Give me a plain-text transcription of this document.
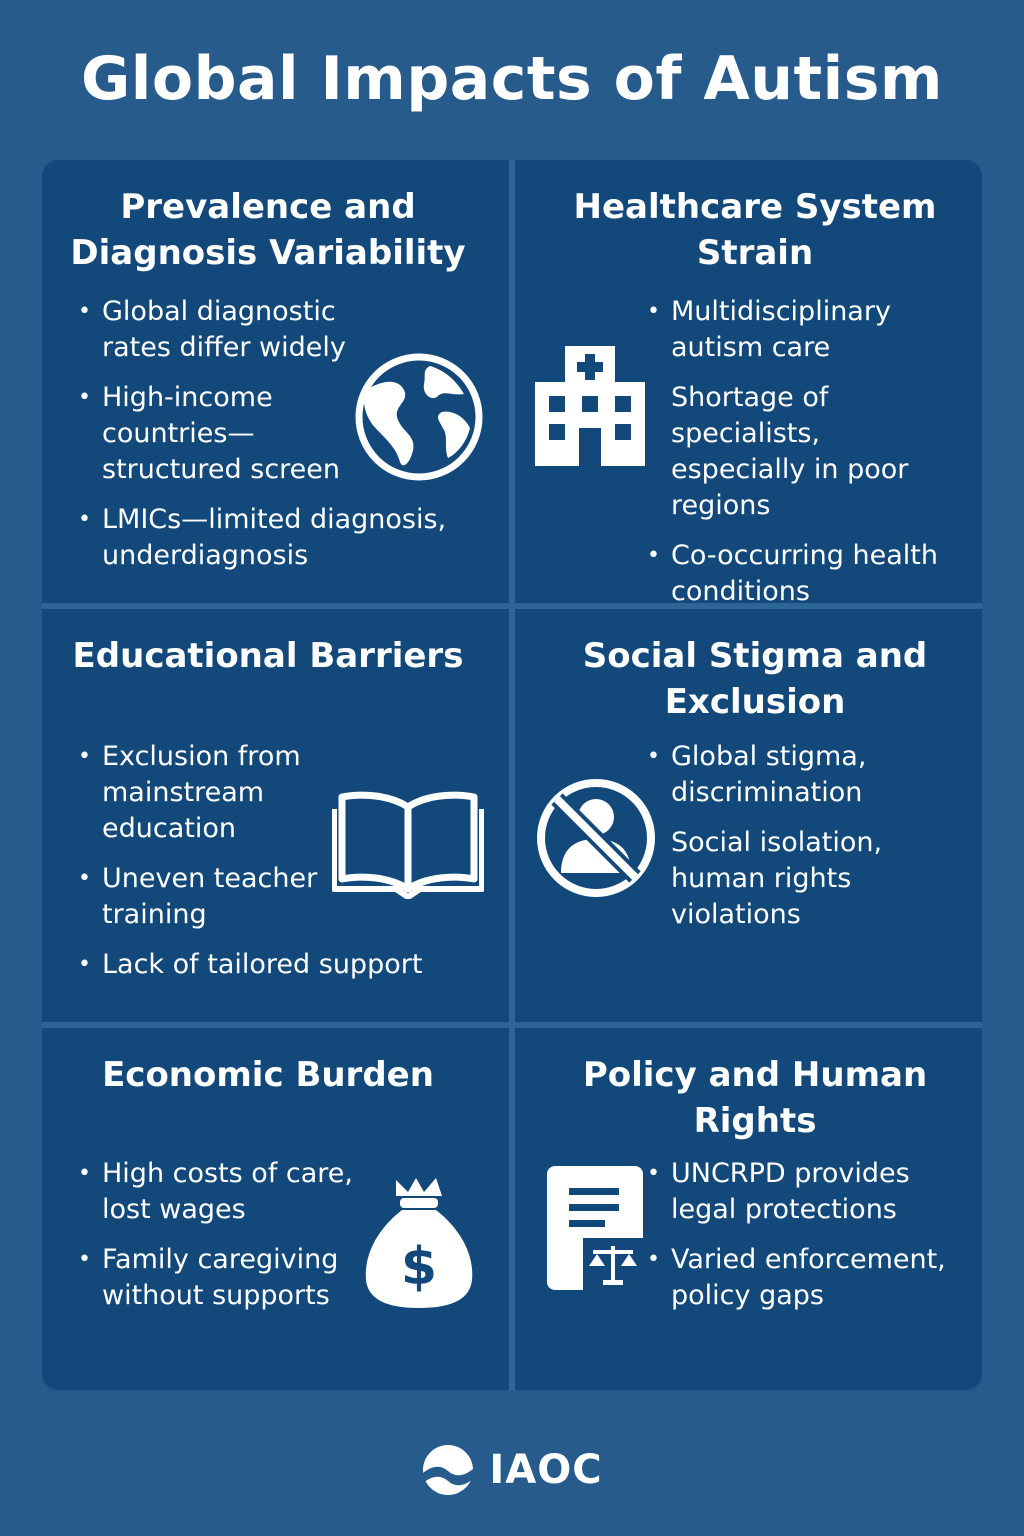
Global Impacts of Autism
Prevalence and Diagnosis Variability
• Global diagnostic rates differ widely
• High-income countries—structured screen
• LMICs—limited diagnosis, underdiagnosis
Healthcare System Strain
• Multidisciplinary autism care
Shortage of specialists, especially in poor regions
• Co-occurring health conditions
Educational Barriers
• Exclusion from mainstream education
• Uneven teacher training
• Lack of tailored support
Social Stigma and Exclusion
• Global stigma, discrimination
Social isolation, human rights violations
Economic Burden
• High costs of care, lost wages
• Family caregiving without supports	$
Policy and Human Rights
• UNCRPD provides legal protections
• Varied enforcement, policy gaps
IAOC
